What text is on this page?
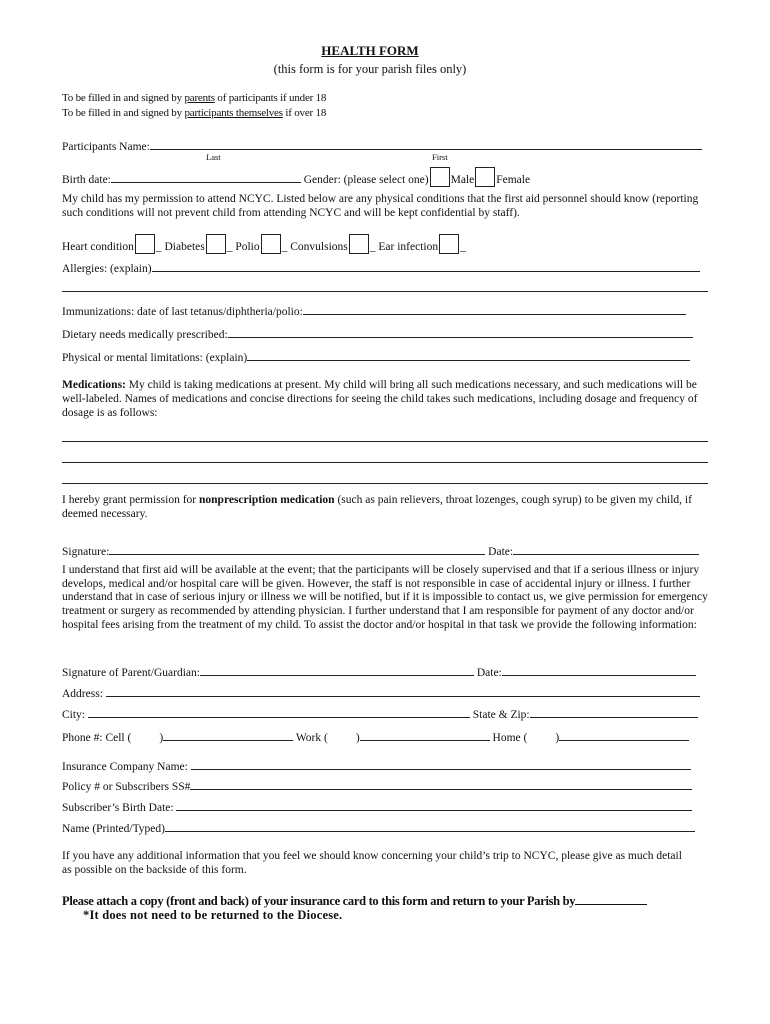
HEALTH FORM
(this form is for your parish files only)
To be filled in and signed by parents of participants if under 18
To be filled in and signed by participants themselves if over 18
Participants Name:
Last	First
Birth date:	Gender: (please select one) Male Female
My child has my permission to attend NCYC. Listed below are any physical conditions that the first aid personnel should know (reporting such conditions will not prevent child from attending NCYC and will be kept confidential by staff).
Heart condition _ Diabetes _ Polio _ Convulsions _ Ear infection _
Allergies: (explain)
Immunizations: date of last tetanus/diphtheria/polio:
Dietary needs medically prescribed:
Physical or mental limitations: (explain)
Medications: My child is taking medications at present. My child will bring all such medications necessary, and such medications will be well-labeled. Names of medications and concise directions for seeing the child takes such medications, including dosage and frequency of dosage is as follows:
I hereby grant permission for nonprescription medication (such as pain relievers, throat lozenges, cough syrup) to be given my child, if deemed necessary.
Signature:	Date:
I understand that first aid will be available at the event; that the participants will be closely supervised and that if a serious illness or injury develops, medical and/or hospital care will be given. However, the staff is not responsible in case of accidental injury or illness. I further understand that in case of serious injury or illness we will be notified, but if it is impossible to contact us, we give permission for emergency treatment or surgery as recommended by attending physician. I further understand that I am responsible for payment of any doctor and/or hospital fees arising from the treatment of my child. To assist the doctor and/or hospital in that task we provide the following information:
Signature of Parent/Guardian:	Date:
Address:
City:	State & Zip:
Phone #: Cell ( )	Work ( )	Home ( )
Insurance Company Name:
Policy # or Subscribers SS#
Subscriber’s Birth Date:
Name (Printed/Typed)
If you have any additional information that you feel we should know concerning your child’s trip to NCYC, please give as much detail as possible on the backside of this form.
Please attach a copy (front and back) of your insurance card to this form and return to your Parish by
*It does not need to be returned to the Diocese.
